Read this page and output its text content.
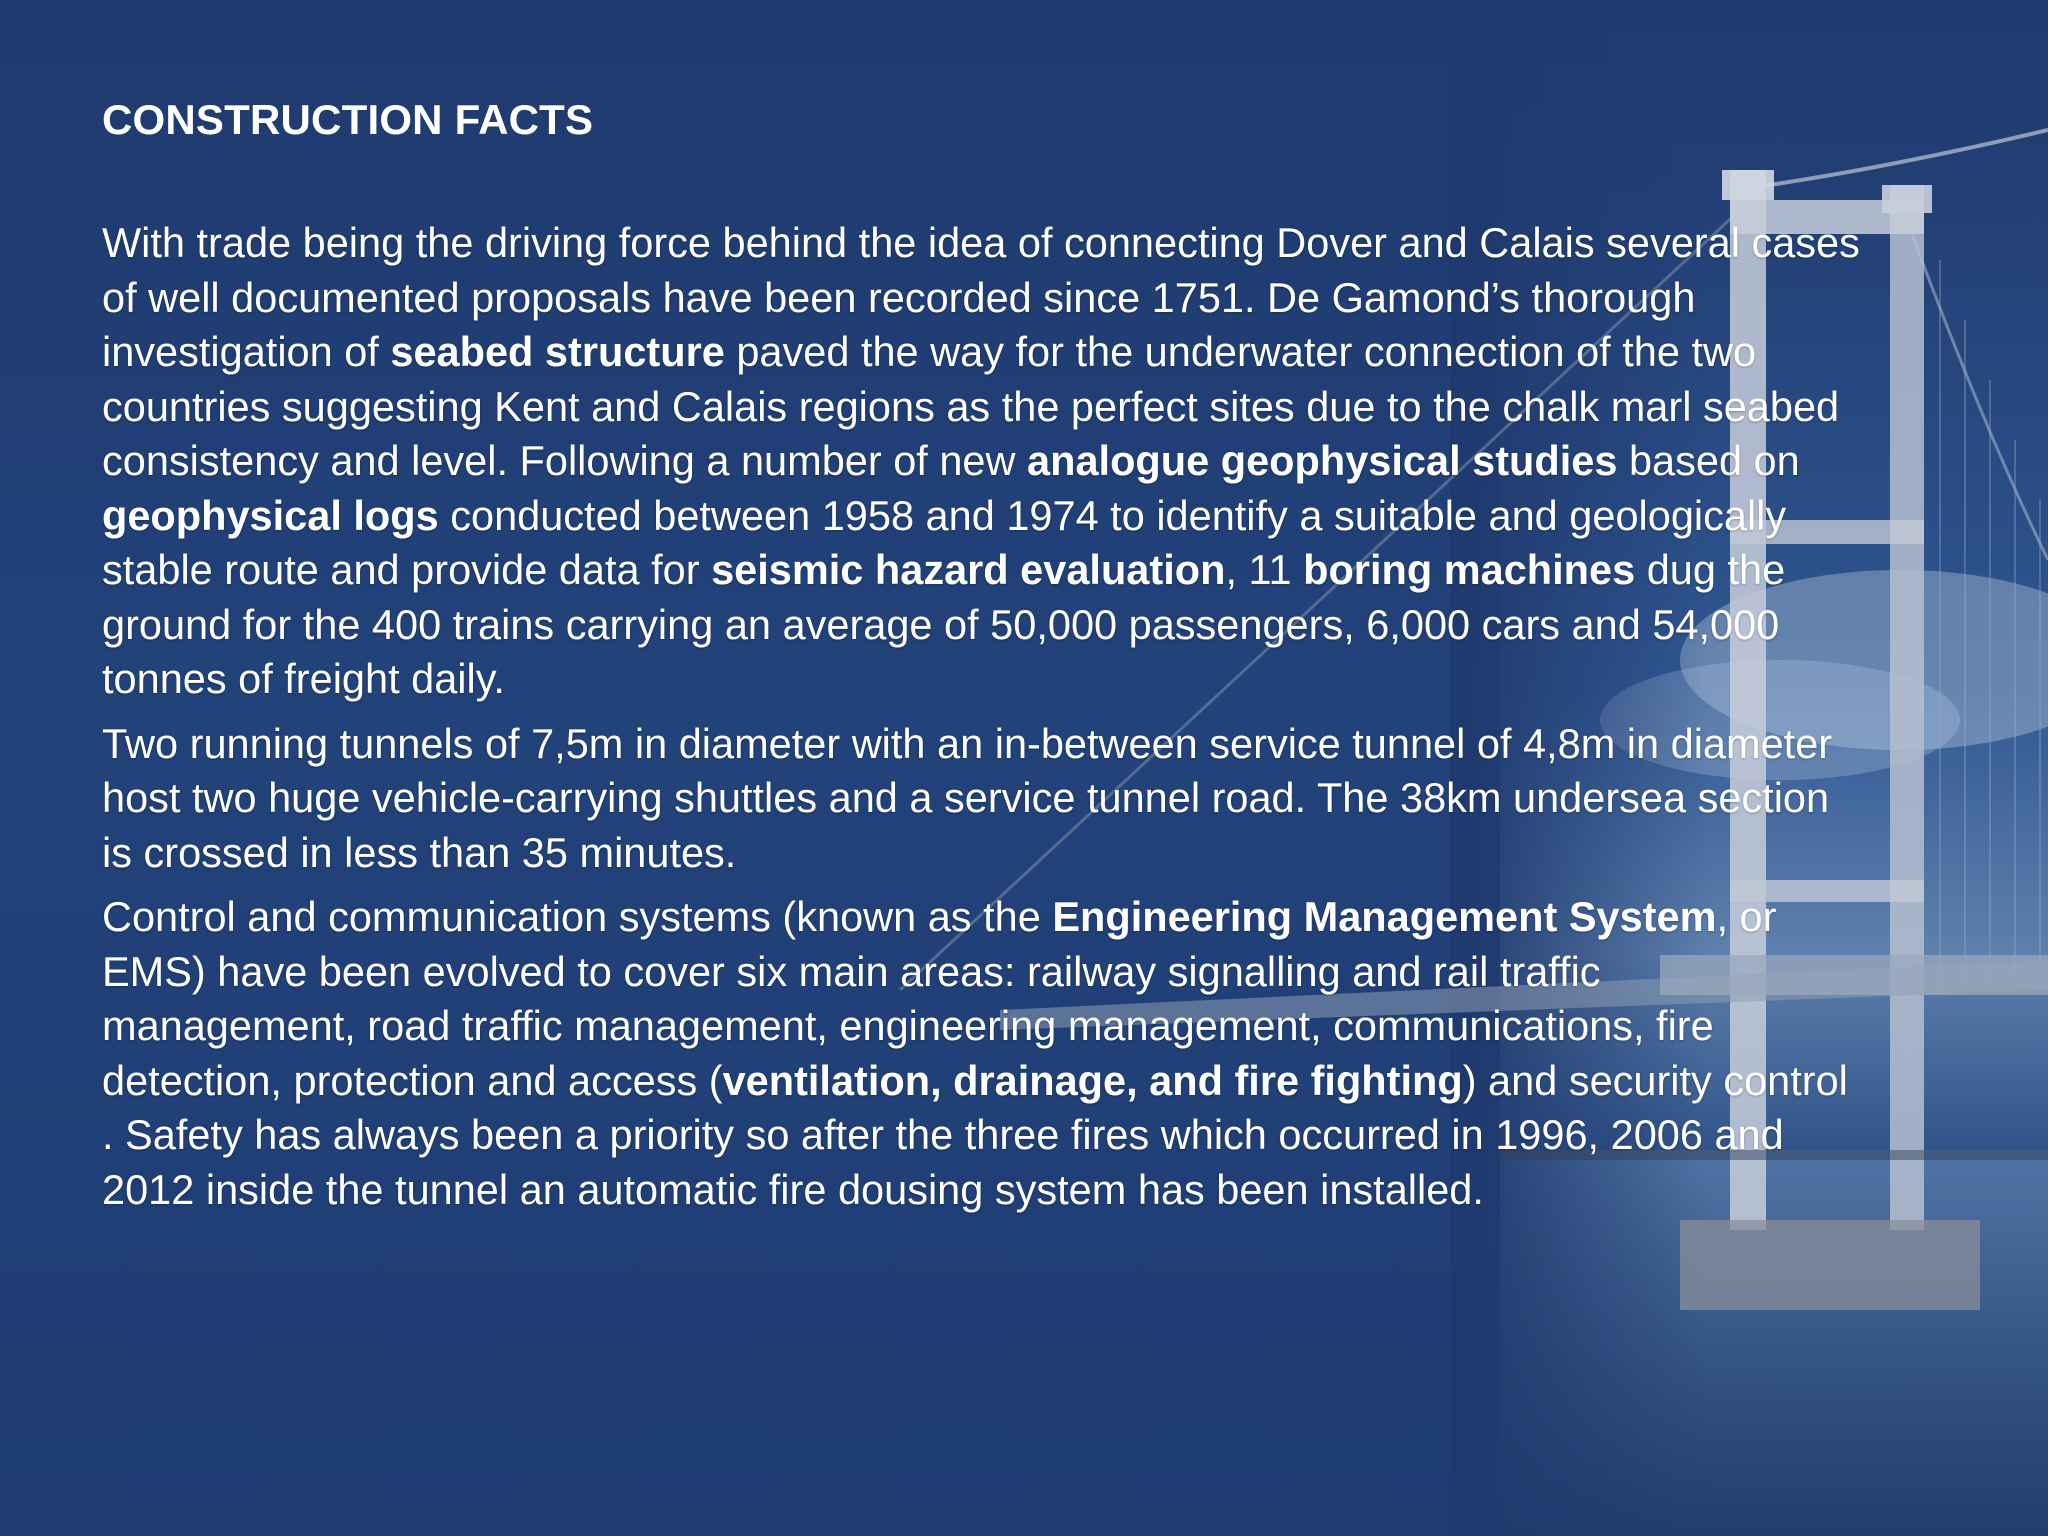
CONSTRUCTION FACTS

With trade being the driving force behind the idea of connecting Dover and Calais several cases of well documented proposals have been recorded since 1751. De Gamond’s thorough investigation of seabed structure paved the way for the underwater connection of the two countries suggesting Kent and Calais regions as the perfect sites due to the chalk marl seabed consistency and level. Following a number of new analogue geophysical studies based on geophysical logs conducted between 1958 and 1974 to identify a suitable and geologically stable route and provide data for seismic hazard evaluation, 11 boring machines dug the ground for the 400 trains carrying an average of 50,000 passengers, 6,000 cars and 54,000 tonnes of freight daily.

Two running tunnels of 7,5m in diameter with an in-between service tunnel of 4,8m in diameter host two huge vehicle-carrying shuttles and a service tunnel road. The 38km undersea section is crossed in less than 35 minutes.

Control and communication systems (known as the Engineering Management System, or EMS) have been evolved to cover six main areas: railway signalling and rail traffic management, road traffic management, engineering management, communications, fire detection, protection and access (ventilation, drainage, and fire fighting) and security control . Safety has always been a priority so after the three fires which occurred in 1996, 2006 and 2012 inside the tunnel an automatic fire dousing system has been installed.
